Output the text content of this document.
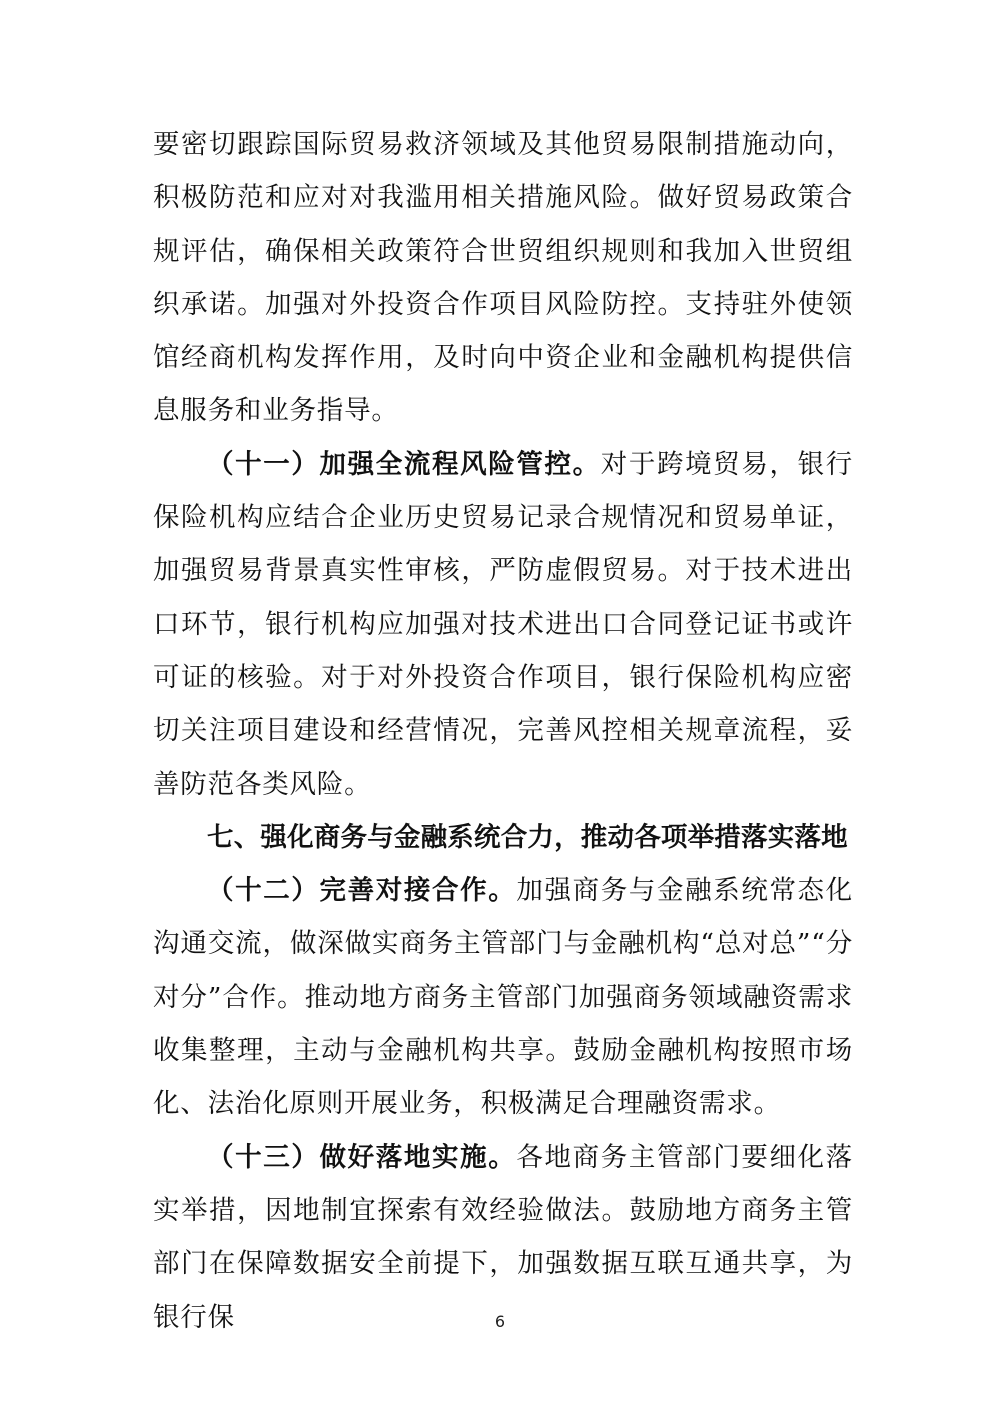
要密切跟踪国际贸易救济领域及其他贸易限制措施动向，积极防范和应对对我滥用相关措施风险。做好贸易政策合规评估，确保相关政策符合世贸组织规则和我加入世贸组织承诺。加强对外投资合作项目风险防控。支持驻外使领馆经商机构发挥作用，及时向中资企业和金融机构提供信息服务和业务指导。

（十一）加强全流程风险管控。对于跨境贸易，银行保险机构应结合企业历史贸易记录合规情况和贸易单证，加强贸易背景真实性审核，严防虚假贸易。对于技术进出口环节，银行机构应加强对技术进出口合同登记证书或许可证的核验。对于对外投资合作项目，银行保险机构应密切关注项目建设和经营情况，完善风控相关规章流程，妥善防范各类风险。

七、强化商务与金融系统合力，推动各项举措落实落地

（十二）完善对接合作。加强商务与金融系统常态化沟通交流，做深做实商务主管部门与金融机构“总对总”“分对分”合作。推动地方商务主管部门加强商务领域融资需求收集整理，主动与金融机构共享。鼓励金融机构按照市场化、法治化原则开展业务，积极满足合理融资需求。

（十三）做好落地实施。各地商务主管部门要细化落实举措，因地制宜探索有效经验做法。鼓励地方商务主管部门在保障数据安全前提下，加强数据互联互通共享，为银行保	6
